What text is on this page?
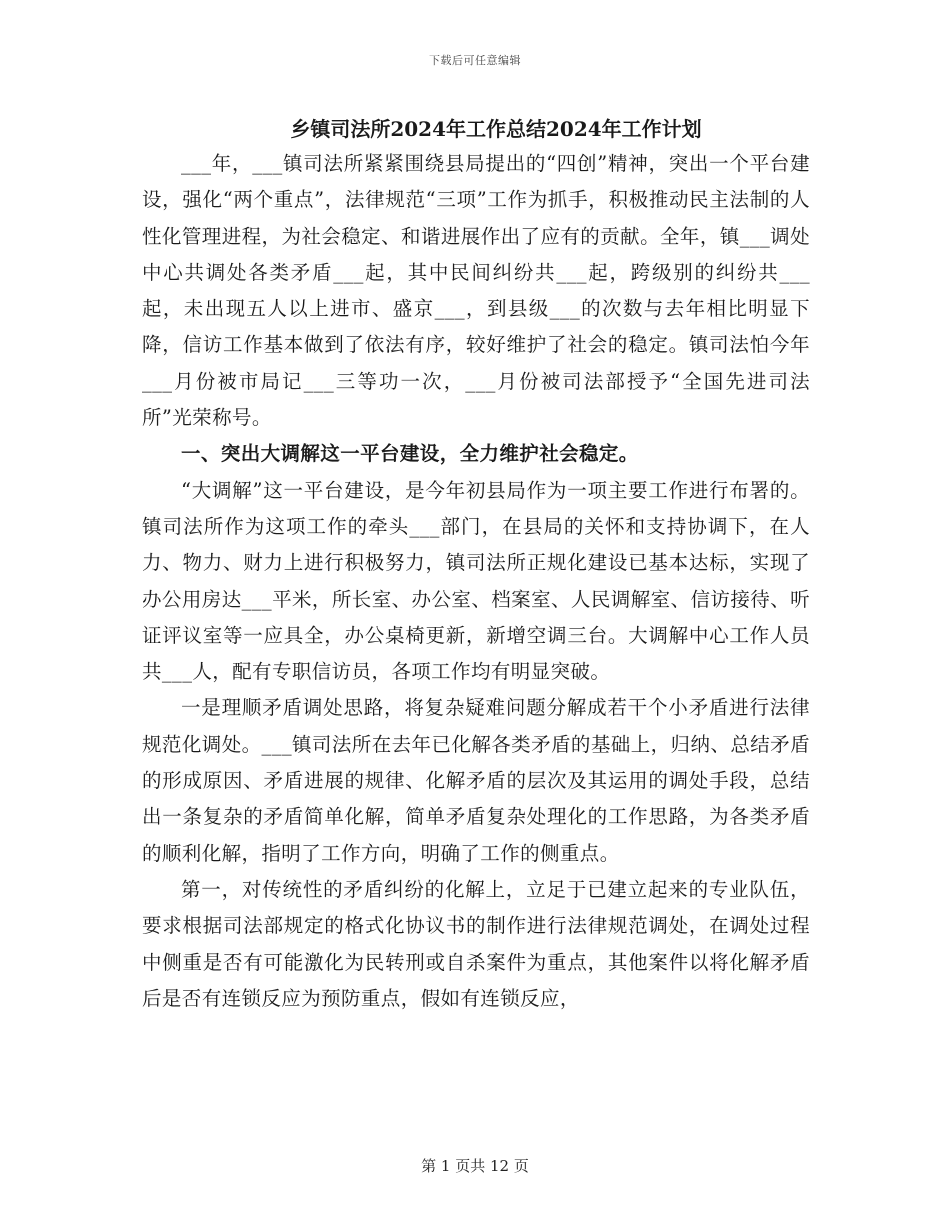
下载后可任意编辑
乡镇司法所2024年工作总结2024年工作计划

___年，___镇司法所紧紧围绕县局提出的“四创”精神，突出一个平台建设，强化“两个重点”，法律规范“三项”工作为抓手，积极推动民主法制的人性化管理进程，为社会稳定、和谐进展作出了应有的贡献。全年，镇___调处中心共调处各类矛盾___起，其中民间纠纷共___起，跨级别的纠纷共___起，未出现五人以上进市、盛京___，到县级___的次数与去年相比明显下降，信访工作基本做到了依法有序，较好维护了社会的稳定。镇司法怕今年___月份被市局记___三等功一次，___月份被司法部授予“全国先进司法所”光荣称号。

一、突出大调解这一平台建设，全力维护社会稳定。

“大调解”这一平台建设，是今年初县局作为一项主要工作进行布署的。镇司法所作为这项工作的牵头___部门，在县局的关怀和支持协调下，在人力、物力、财力上进行积极努力，镇司法所正规化建设已基本达标，实现了办公用房达___平米，所长室、办公室、档案室、人民调解室、信访接待、听证评议室等一应具全，办公桌椅更新，新增空调三台。大调解中心工作人员共___人，配有专职信访员，各项工作均有明显突破。

一是理顺矛盾调处思路，将复杂疑难问题分解成若干个小矛盾进行法律规范化调处。___镇司法所在去年已化解各类矛盾的基础上，归纳、总结矛盾的形成原因、矛盾进展的规律、化解矛盾的层次及其运用的调处手段，总结出一条复杂的矛盾简单化解，简单矛盾复杂处理化的工作思路，为各类矛盾的顺利化解，指明了工作方向，明确了工作的侧重点。

第一，对传统性的矛盾纠纷的化解上，立足于已建立起来的专业队伍，要求根据司法部规定的格式化协议书的制作进行法律规范调处，在调处过程中侧重是否有可能激化为民转刑或自杀案件为重点，其他案件以将化解矛盾后是否有连锁反应为预防重点，假如有连锁反应，

第 1 页共 12 页
